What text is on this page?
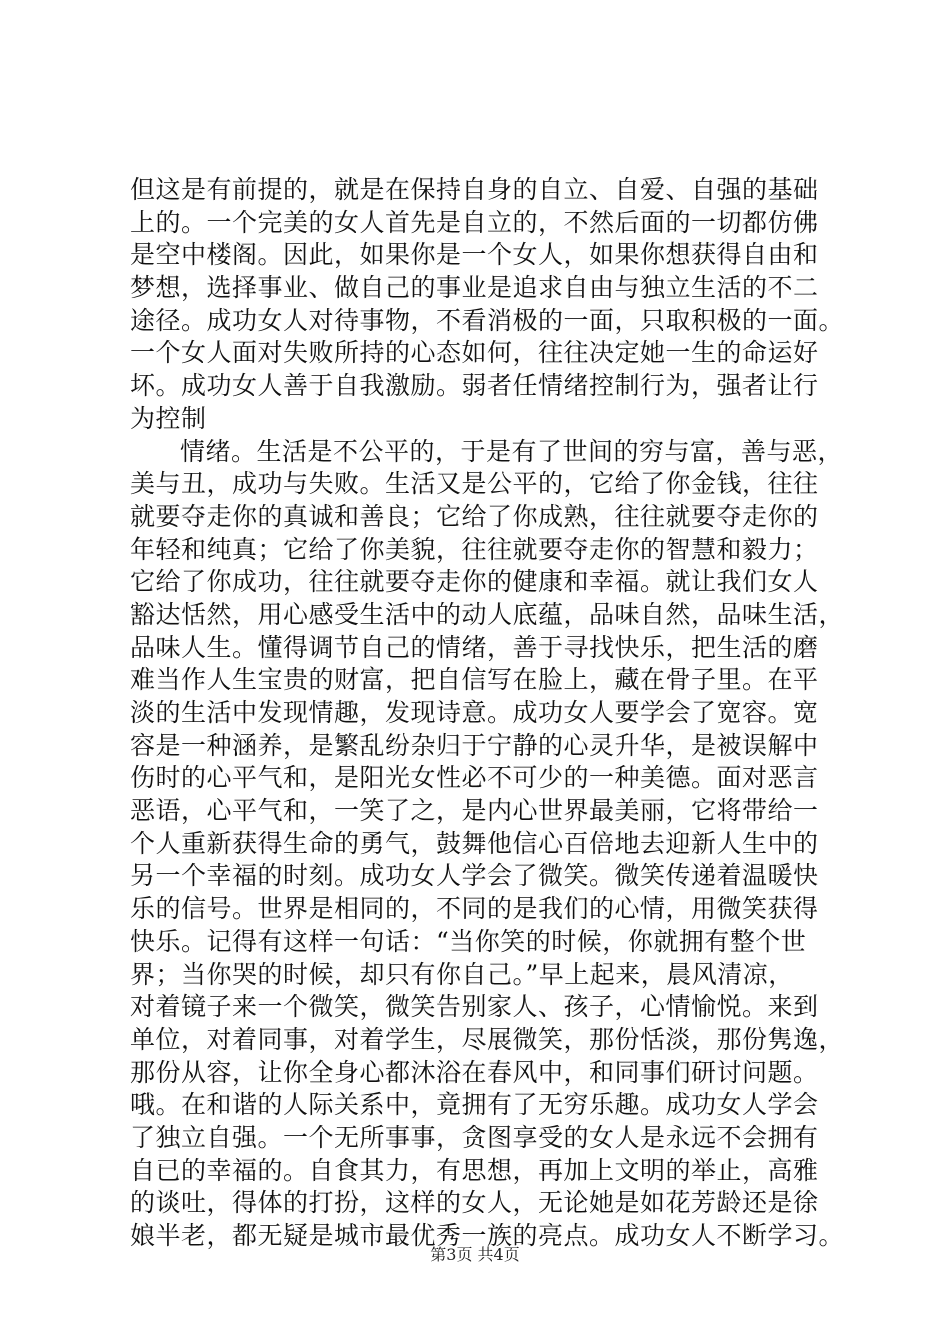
但这是有前提的，就是在保持自身的自立、自爱、自强的基础
上的。一个完美的女人首先是自立的，不然后面的一切都仿佛
是空中楼阁。因此，如果你是一个女人，如果你想获得自由和
梦想，选择事业、做自己的事业是追求自由与独立生活的不二
途径。成功女人对待事物，不看消极的一面，只取积极的一面。
一个女人面对失败所持的心态如何，往往决定她一生的命运好
坏。成功女人善于自我激励。弱者任情绪控制行为，强者让行
为控制
情绪。生活是不公平的，于是有了世间的穷与富，善与恶，
美与丑，成功与失败。生活又是公平的，它给了你金钱，往往
就要夺走你的真诚和善良；它给了你成熟，往往就要夺走你的
年轻和纯真；它给了你美貌，往往就要夺走你的智慧和毅力；
它给了你成功，往往就要夺走你的健康和幸福。就让我们女人
豁达恬然，用心感受生活中的动人底蕴，品味自然，品味生活，
品味人生。懂得调节自己的情绪，善于寻找快乐，把生活的磨
难当作人生宝贵的财富，把自信写在脸上，藏在骨子里。在平
淡的生活中发现情趣，发现诗意。成功女人要学会了宽容。宽
容是一种涵养，是繁乱纷杂归于宁静的心灵升华，是被误解中
伤时的心平气和，是阳光女性必不可少的一种美德。面对恶言
恶语，心平气和，一笑了之，是内心世界最美丽，它将带给一
个人重新获得生命的勇气，鼓舞他信心百倍地去迎新人生中的
另一个幸福的时刻。成功女人学会了微笑。微笑传递着温暖快
乐的信号。世界是相同的，不同的是我们的心情，用微笑获得
快乐。记得有这样一句话：“当你笑的时候，你就拥有整个世
界；当你哭的时候，却只有你自己。”早上起来，晨风清凉，
对着镜子来一个微笑，微笑告别家人、孩子，心情愉悦。来到
单位，对着同事，对着学生，尽展微笑，那份恬淡，那份隽逸，
那份从容，让你全身心都沐浴在春风中，和同事们研讨问题。
哦。在和谐的人际关系中，竟拥有了无穷乐趣。成功女人学会
了独立自强。一个无所事事，贪图享受的女人是永远不会拥有
自已的幸福的。自食其力，有思想，再加上文明的举止，高雅
的谈吐，得体的打扮，这样的女人，无论她是如花芳龄还是徐
娘半老，都无疑是城市最优秀一族的亮点。成功女人不断学习。
第3页 共4页
